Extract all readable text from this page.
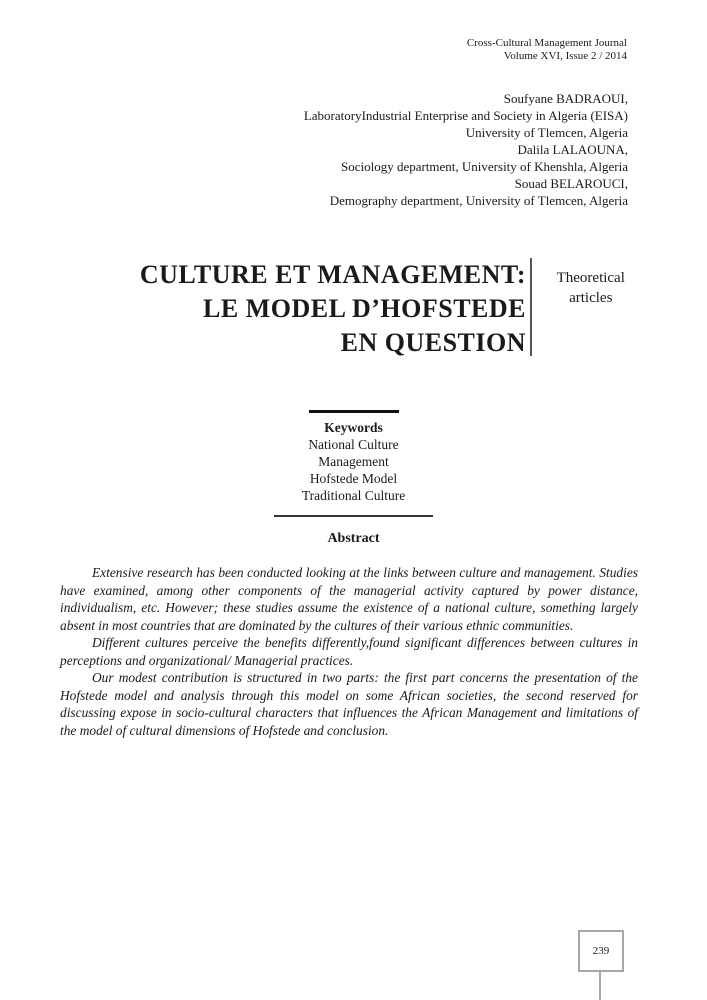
Cross-Cultural Management Journal
Volume XVI, Issue 2 / 2014
Soufyane BADRAOUI,
LaboratoryIndustrial Enterprise and Society in Algeria (EISA)
University of Tlemcen, Algeria
Dalila LALAOUNA,
Sociology department, University of Khenshla, Algeria
Souad BELAROUCI,
Demography department, University of Tlemcen, Algeria
CULTURE ET MANAGEMENT:
LE MODEL D’HOFSTEDE
EN QUESTION
Theoretical
articles
Keywords
National Culture
Management
Hofstede Model
Traditional Culture
Abstract

Extensive research has been conducted looking at the links between culture and management. Studies have examined, among other components of the managerial activity captured by power distance, individualism, etc. However; these studies assume the existence of a national culture, something largely absent in most countries that are dominated by the cultures of their various ethnic communities.

Different cultures perceive the benefits differently,found significant differences between cultures in perceptions and organizational/ Managerial practices.

Our modest contribution is structured in two parts: the first part concerns the presentation of the Hofstede model and analysis through this model on some African societies, the second reserved for discussing expose in socio-cultural characters that influences the African Management and limitations of the model of cultural dimensions of Hofstede and conclusion.

239
